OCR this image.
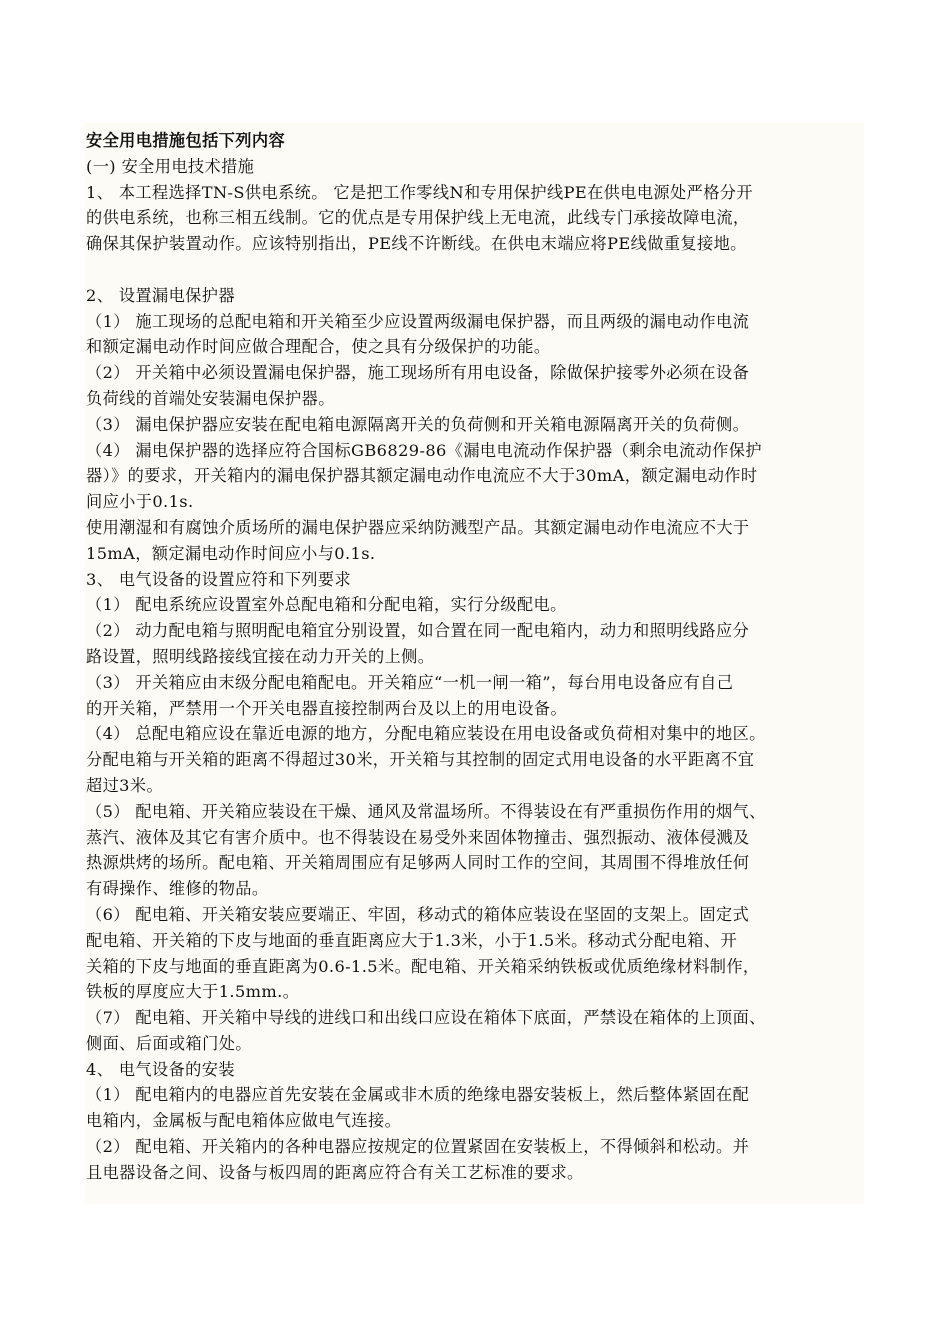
安全用电措施包括下列内容

(一) 安全用电技术措施

1、 本工程选择TN-S供电系统。 它是把工作零线N和专用保护线PE在供电电源处严格分开

的供电系统，也称三相五线制。它的优点是专用保护线上无电流，此线专门承接故障电流，

确保其保护装置动作。应该特别指出，PE线不许断线。在供电末端应将PE线做重复接地。

2、 设置漏电保护器

（1） 施工现场的总配电箱和开关箱至少应设置两级漏电保护器，而且两级的漏电动作电流

和额定漏电动作时间应做合理配合，使之具有分级保护的功能。

（2） 开关箱中必须设置漏电保护器，施工现场所有用电设备，除做保护接零外必须在设备

负荷线的首端处安装漏电保护器。

（3） 漏电保护器应安装在配电箱电源隔离开关的负荷侧和开关箱电源隔离开关的负荷侧。

（4） 漏电保护器的选择应符合国标GB6829-86《漏电电流动作保护器（剩余电流动作保护

器）》的要求，开关箱内的漏电保护器其额定漏电动作电流应不大于30mA，额定漏电动作时

间应小于0.1s.

使用潮湿和有腐蚀介质场所的漏电保护器应采纳防溅型产品。其额定漏电动作电流应不大于

15mA，额定漏电动作时间应小与0.1s.

3、 电气设备的设置应符和下列要求

（1） 配电系统应设置室外总配电箱和分配电箱，实行分级配电。

（2） 动力配电箱与照明配电箱宜分别设置，如合置在同一配电箱内，动力和照明线路应分

路设置，照明线路接线宜接在动力开关的上侧。

（3） 开关箱应由末级分配电箱配电。开关箱应“一机一闸一箱”，每台用电设备应有自己

的开关箱，严禁用一个开关电器直接控制两台及以上的用电设备。

（4） 总配电箱应设在靠近电源的地方，分配电箱应装设在用电设备或负荷相对集中的地区。

分配电箱与开关箱的距离不得超过30米，开关箱与其控制的固定式用电设备的水平距离不宜

超过3米。

（5） 配电箱、开关箱应装设在干燥、通风及常温场所。不得装设在有严重损伤作用的烟气、

蒸汽、液体及其它有害介质中。也不得装设在易受外来固体物撞击、强烈振动、液体侵溅及

热源烘烤的场所。配电箱、开关箱周围应有足够两人同时工作的空间，其周围不得堆放任何

有碍操作、维修的物品。

（6） 配电箱、开关箱安装应要端正、牢固，移动式的箱体应装设在坚固的支架上。固定式

配电箱、开关箱的下皮与地面的垂直距离应大于1.3米，小于1.5米。移动式分配电箱、开

关箱的下皮与地面的垂直距离为0.6-1.5米。配电箱、开关箱采纳铁板或优质绝缘材料制作，

铁板的厚度应大于1.5mm.。

（7） 配电箱、开关箱中导线的进线口和出线口应设在箱体下底面，严禁设在箱体的上顶面、

侧面、后面或箱门处。

4、 电气设备的安装

（1） 配电箱内的电器应首先安装在金属或非木质的绝缘电器安装板上，然后整体紧固在配

电箱内，金属板与配电箱体应做电气连接。

（2） 配电箱、开关箱内的各种电器应按规定的位置紧固在安装板上，不得倾斜和松动。并

且电器设备之间、设备与板四周的距离应符合有关工艺标准的要求。
